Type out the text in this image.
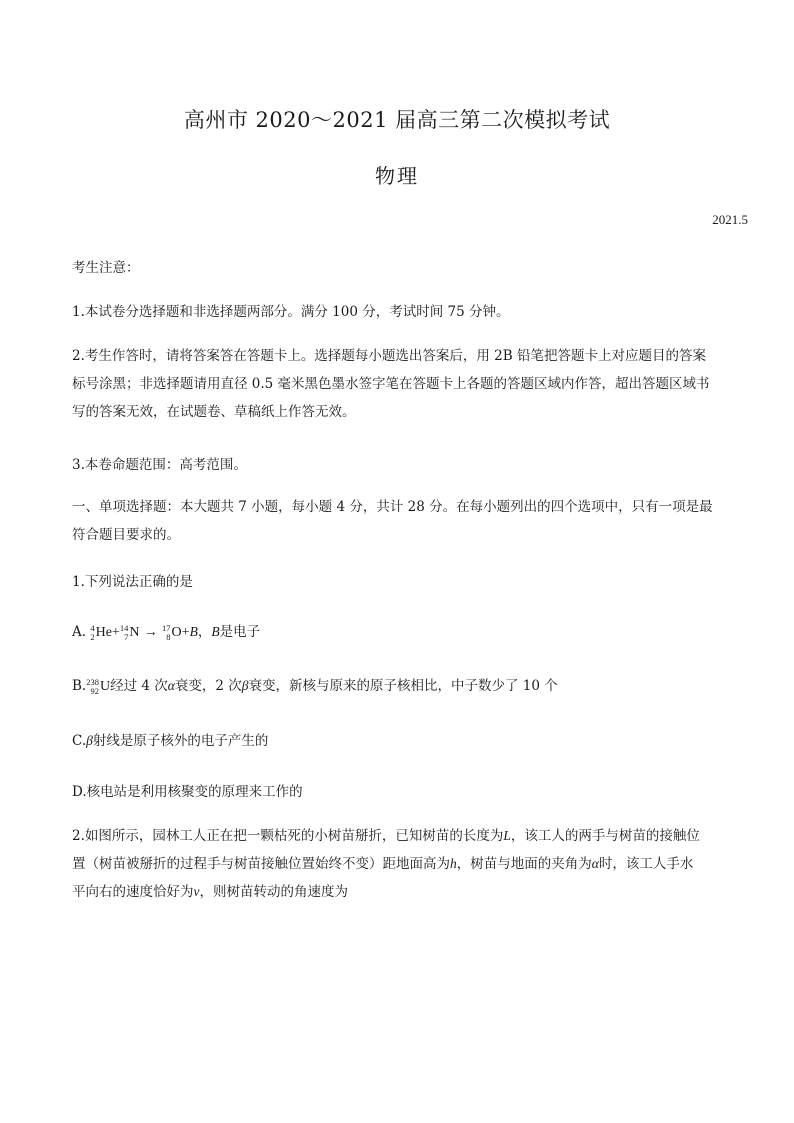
高州市 2020～2021 届高三第二次模拟考试
物理
2021.5
考生注意：
1.本试卷分选择题和非选择题两部分。满分 100 分，考试时间 75 分钟。
2.考生作答时，请将答案答在答题卡上。选择题每小题选出答案后，用 2B 铅笔把答题卡上对应题目的答案
标号涂黑；非选择题请用直径 0.5 毫米黑色墨水签字笔在答题卡上各题的答题区域内作答，超出答题区域书
写的答案无效，在试题卷、草稿纸上作答无效。
3.本卷命题范围：高考范围。
一、单项选择题：本大题共 7 小题，每小题 4 分，共计 28 分。在每小题列出的四个选项中，只有一项是最
符合题目要求的。
1.下列说法正确的是
A. 4
2 He+ 14
7 N → 17
8 O+B，B是电子
B. 238
92 U经过 4 次α衰变，2 次β衰变，新核与原来的原子核相比，中子数少了 10 个
C.β射线是原子核外的电子产生的
D.核电站是利用核聚变的原理来工作的
2.如图所示，园林工人正在把一颗枯死的小树苗掰折，已知树苗的长度为L，该工人的两手与树苗的接触位
置（树苗被掰折的过程手与树苗接触位置始终不变）距地面高为h，树苗与地面的夹角为α时，该工人手水
平向右的速度恰好为v，则树苗转动的角速度为
